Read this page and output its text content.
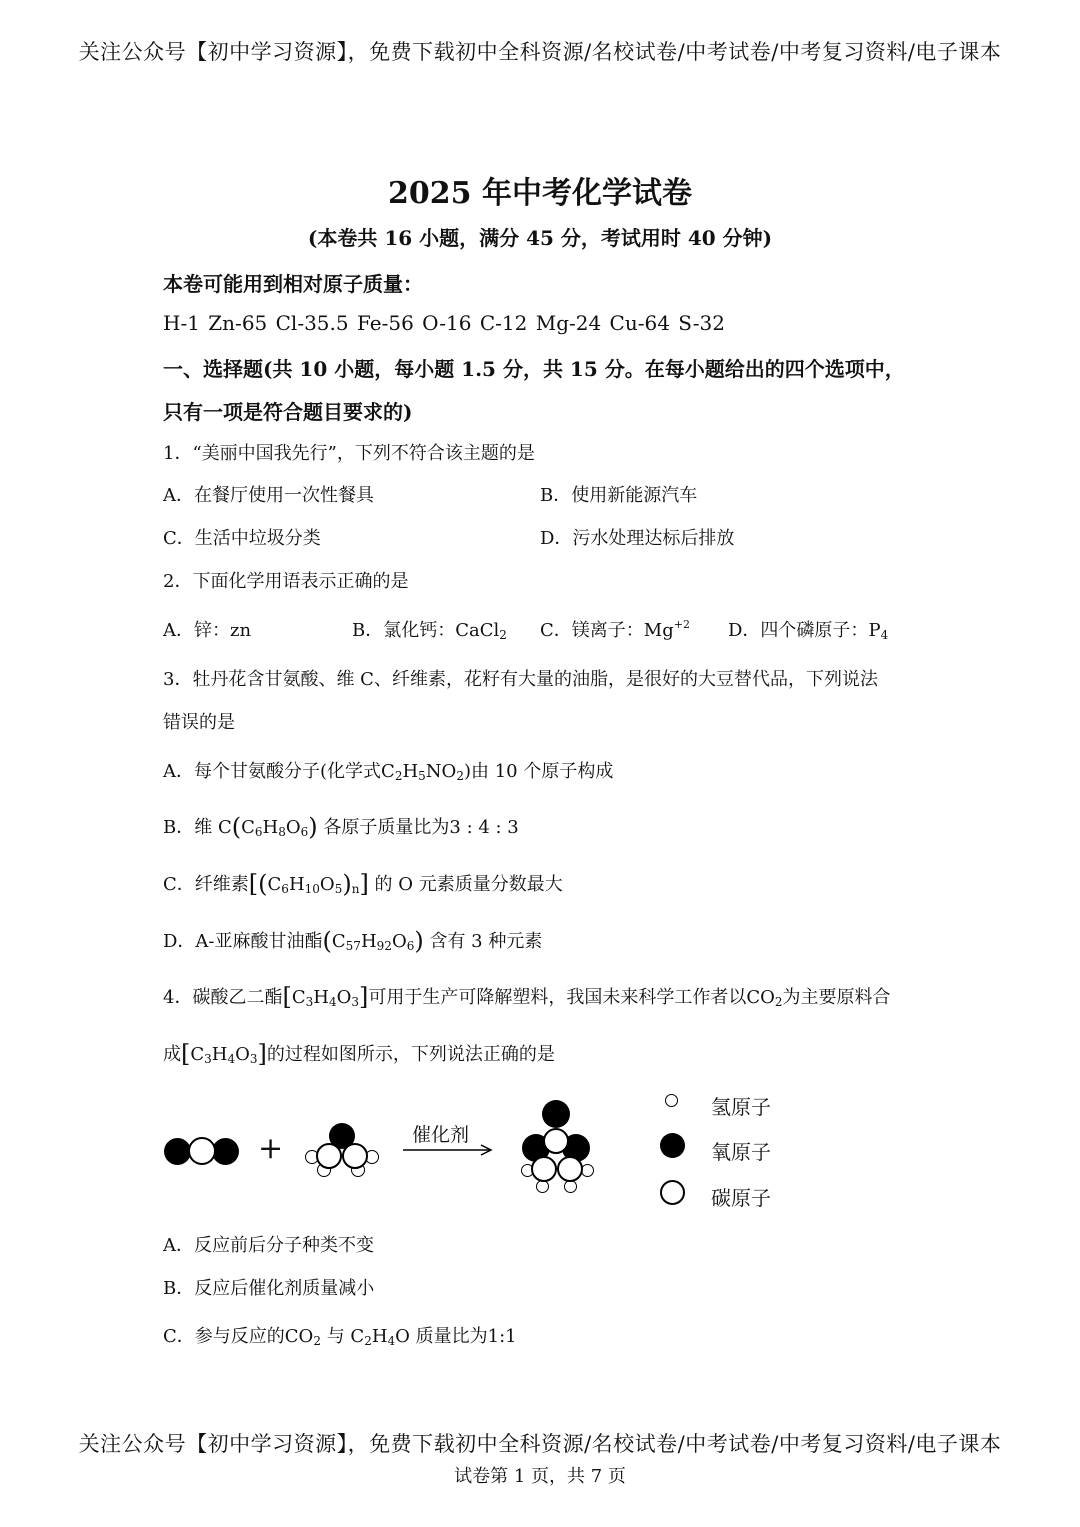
关注公众号【初中学习资源】，免费下载初中全科资源/名校试卷/中考试卷/中考复习资料/电子课本
2025 年中考化学试卷
(本卷共 16 小题，满分 45 分，考试用时 40 分钟)
本卷可能用到相对原子质量：
H-1 Zn-65 Cl-35.5 Fe-56 O-16 C-12 Mg-24 Cu-64 S-32
一、选择题(共 10 小题，每小题 1.5 分，共 15 分。在每小题给出的四个选项中，
只有一项是符合题目要求的)
1．“美丽中国我先行”，下列不符合该主题的是
A．在餐厅使用一次性餐具	B．使用新能源汽车
C．生活中垃圾分类	D．污水处理达标后排放
2．下面化学用语表示正确的是
A．锌：zn	B．氯化钙：CaCl$_2$ C．镁离子：$Mg^{+2}$ D．四个磷原子：$P_4$
3．牡丹花含甘氨酸、维 C、纤维素，花籽有大量的油脂，是很好的大豆替代品，下列说法
错误的是
A．每个甘氨酸分子(化学式$C_2H_5NO_2$)由 10 个原子构成
B．维 $C(C_6H_8O_6)$ 各原子质量比为3 : 4 : 3
C．纤维素$[(C_6H_{10}O_5)_n]$ 的 O 元素质量分数最大
D．A-亚麻酸甘油酯$(C_{57}H_{92}O_6)$ 含有 3 种元素
4．碳酸乙二酯$[C_3H_4O_3]$可用于生产可降解塑料，我国未来科学工作者以$CO_2$为主要原料合
成$[C_3H_4O_3]$的过程如图所示，下列说法正确的是
+	催化剂
氢原子
氧原子
碳原子
A．反应前后分子种类不变
B．反应后催化剂质量减小
C．参与反应的$CO_2$ 与 $C_2H_4O$ 质量比为1:1
关注公众号【初中学习资源】，免费下载初中全科资源/名校试卷/中考试卷/中考复习资料/电子课本
试卷第 1 页，共 7 页
